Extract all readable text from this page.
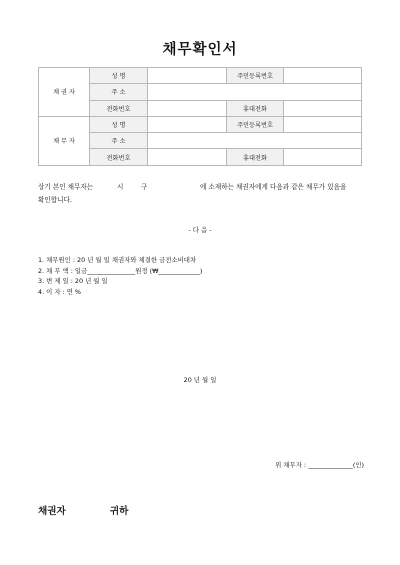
채무확인서
채 권 자	성 명		주민등록번호	
	주 소			
	전화번호		휴대전화	
채 무 자	성 명		주민등록번호	
	주 소			
	전화번호		휴대전화	
상기 본인 채무자는	시	구	에 소재하는 채권자에게 다음과 같은 채무가 있음을
확인합니다.
- 다 음 -
1. 채무원인 : 20 년 월 일 채권자와 체결한 금전소비대차
2. 채 무 액 : 일금_______________원정 (₩_____________)
3. 변 제 일 : 20 년 월 일
4. 이 자 : 연 %
20 년 월 일
위 채무자 : ______________(인)
채권자	귀하
